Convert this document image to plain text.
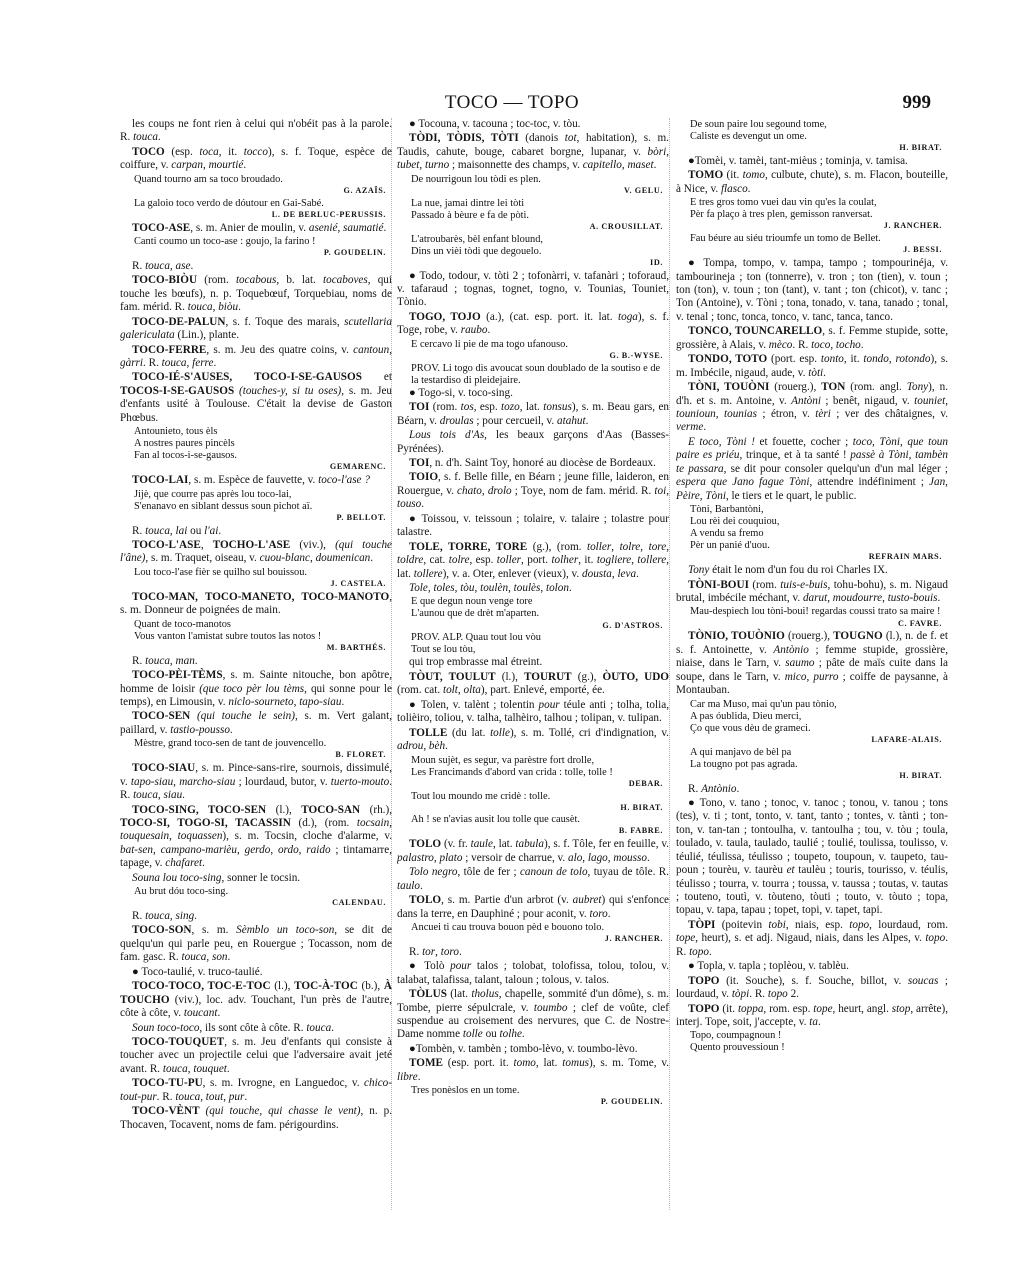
TOCO — TOPO	999
les coups ne font rien à celui qui n'obéit pas à la parole. R. touca.
TOCO (esp. toca, it. tocco), s. f. Toque, espèce de coiffure, v. carpan, mourtié.
Quand tourno am sa toco broudado.
G. AZAÏS.
La galoio toco verdo de dóutour en Gai-Sabé.
L. DE BERLUC-PERUSSIS.
TOCO-ASE, s. m. Anier de moulin, v. asenié, saumatié.
Canti coumo un toco-ase : goujo, la farino !
P. GOUDELIN.
R. touca, ase.
TOCO-BIÒU (rom. tocabous, b. lat. tocaboves, qui touche les bœufs), n. p. Toquebœuf, Torquebiau, noms de fam. mérid. R. touca, biòu.
TOCO-DE-PALUN, s. f. Toque des marais, scutellaria galericulata (Lin.), plante.
TOCO-FERRE, s. m. Jeu des quatre coins, v. cantoun, gàrri. R. touca, ferre.
TOCO-IÉ-S'AUSES, TOCO-I-SE-GAUSOS et TOCOS-I-SE-GAUSOS (touches-y, si tu oses), s. m. Jeu d'enfants usité à Toulouse. C'était la devise de Gaston Phœbus.
Antounieto, tous èls
A nostres paures pincèls
Fan al tocos-i-se-gausos.
GEMARENC.
TOCO-LAI, s. m. Espèce de fauvette, v. toco-l'ase ?
Jijè, que courre pas après lou toco-lai,
S'enanavo en siblant dessus soun pichot aï.
P. BELLOT.
R. touca, lai ou l'ai.
TOCO-L'ASE, TOCHO-L'ASE (viv.), (qui touche l'âne), s. m. Traquet, oiseau, v. cuou-blanc, doumenican.
Lou toco-l'ase fièr se quilho sul bouissou.
J. CASTELA.
TOCO-MAN, TOCO-MANETO, TOCO-MANOTO, s. m. Donneur de poignées de main.
Quant de toco-manotos
Vous vanton l'amistat subre toutos las notos !
M. BARTHÉS.
R. touca, man.
TOCO-PÈI-TÈMS, s. m. Sainte nitouche, bon apôtre, homme de loisir (que toco pèr lou tèms, qui sonne pour le temps), en Limousin, v. niclo-sourneto, tapo-siau.
TOCO-SEN (qui touche le sein), s. m. Vert galant, paillard, v. tastio-pousso.
Mèstre, grand toco-sen de tant de jouvencello.
B. FLORET.
TOCO-SIAU, s. m. Pince-sans-rire, sournois, dissimulé, v. tapo-siau, marcho-siau ; lourdaud, butor, v. tuerto-mouto. R. touca, siau.
TOCO-SING, TOCO-SEN (l.), TOCO-SAN (rh.), TOCO-SI, TOGO-SI, TACASSIN (d.), (rom. tocsain, touquesain, toquassen), s. m. Tocsin, cloche d'alarme, v. bat-sen, campano-marièu, gerdo, ordo, raido ; tintamarre, tapage, v. chafaret.
Souna lou toco-sing, sonner le tocsin.
Au brut dóu toco-sing.
CALENDAU.
R. touca, sing.
TOCO-SON, s. m. Sèmblo un toco-son, se dit de quelqu'un qui parle peu, en Rouergue ; Tocasson, nom de fam. gasc. R. touca, son.
● Toco-taulié, v. truco-taulié.
TOCO-TOCO, TOC-E-TOC (l.), TOC-À-TOC (b.), À TOUCHO (viv.), loc. adv. Touchant, l'un près de l'autre, côte à côte, v. toucant.
Soun toco-toco, ils sont côte à côte. R. touca.
TOCO-TOUQUET, s. m. Jeu d'enfants qui consiste à toucher avec un projectile celui que l'adversaire avait jeté avant. R. touca, touquet.
TOCO-TU-PU, s. m. Ivrogne, en Languedoc, v. chico-tout-pur. R. touca, tout, pur.
TOCO-VÈNT (qui touche, qui chasse le vent), n. p. Thocaven, Tocavent, noms de fam. périgourdins.
● Tocouna, v. tacouna ; toc-toc, v. tòu.
TÒDI, TÒDIS, TÒTI (danois tot, habitation), s. m. Taudis, cahute, bouge, cabaret borgne, lupanar, v. bòri, tubet, turno ; maisonnette des champs, v. capitello, maset.
De nourrigoun lou tòdi es plen.
V. GELU.
La nue, jamai dintre lei tòti
Passado à bèure e fa de pòti.
A. CROUSILLAT.
L'atroubarès, bèl enfant blound,
Dins un vièi tòdi que degouelo.
ID.
● Todo, todour, v. tòti 2 ; tofonàrri, v. tafanàri ; toforaud, v. tafaraud ; tognas, tognet, togno, v. Tounias, Touniet, Tònio.
TOGO, TOJO (a.), (cat. esp. port. it. lat. toga), s. f. Toge, robe, v. raubo.
E cercavo li pie de ma togo ufanouso.
G. B.-WYSE.
PROV. Li togo dis avoucat soun doublado de la soutiso e de la testardiso di pleidejaire.
● Togo-si, v. toco-sing.
TOI (rom. tos, esp. tozo, lat. tonsus), s. m. Beau gars, en Béarn, v. droulas ; pour cercueil, v. atahut.
Lous tois d'As, les beaux garçons d'Aas (Basses-Pyrénées).
TOI, n. d'h. Saint Toy, honoré au diocèse de Bordeaux.
TOIO, s. f. Belle fille, en Béarn ; jeune fille, laideron, en Rouergue, v. chato, drolo ; Toye, nom de fam. mérid. R. toi, touso.
● Toissou, v. teissoun ; tolaire, v. talaire ; tolastre pour talastre.
TOLE, TORRE, TORE (g.), (rom. toller, tolre, tore, toldre, cat. tolre, esp. toller, port. tolher, it. togliere, tollere, lat. tollere), v. a. Oter, enlever (vieux), v. dousta, leva.
Tole, toles, tòu, toulèn, toulès, tolon.
E que degun noun venge tore
L'aunou que de drèt m'aparten.
G. D'ASTROS.
PROV. ALP. Quau tout lou vòu
Tout se lou tòu,
qui trop embrasse mal étreint.
TÒUT, TOULUT (l.), TOURUT (g.), ÒUTO, UDO (rom. cat. tolt, olta), part. Enlevé, emporté, ée.
● Tolen, v. talènt ; tolentin pour téule anti ; tolha, tolia, tolièiro, toliou, v. talha, talhèiro, talhou ; tolipan, v. tulipan.
TOLLE (du lat. tolle), s. m. Tollé, cri d'indignation, v. adrou, bèh.
Moun sujèt, es segur, va parèstre fort drolle,
Les Francimands d'abord van crida : tolle, tolle !
DEBAR.
Tout lou moundo me cridè : tolle.
H. BIRAT.
Ah ! se n'avias ausit lou tolle que causèt.
B. FABRE.
TOLO (v. fr. taule, lat. tabula), s. f. Tôle, fer en feuille, v. palastro, plato ; versoir de charrue, v. alo, lago, mousso.
Tolo negro, tôle de fer ; canoun de tolo, tuyau de tôle. R. taulo.
TOLO, s. m. Partie d'un arbrot (v. aubret) qui s'enfonce dans la terre, en Dauphiné ; pour aconit, v. toro.
Ancuei ti cau trouva bouon pèd e bouono tolo.
J. RANCHER.
R. tor, toro.
● Tolò pour talos ; tolobat, tolofissa, tolou, tolou, v. talabat, talafissa, talant, taloun ; tolous, v. talos.
TÒLUS (lat. tholus, chapelle, sommité d'un dôme), s. m. Tombe, pierre sépulcrale, v. toumbo ; clef de voûte, clef suspendue au croisement des nervures, que C. de Nostre-Dame nomme tolle ou tolhe.
●Tombèn, v. tambèn ; tombo-lèvo, v. toumbo-lèvo.
TOME (esp. port. it. tomo, lat. tomus), s. m. Tome, v. libre.
Tres ponèslos en un tome.
P. GOUDELIN.
De soun paire lou segound tome,
Caliste es devengut un ome.
H. BIRAT.
●Tomèi, v. tamèi, tant-mièus ; tominja, v. tamisa.
TOMO (it. tomo, culbute, chute), s. m. Flacon, bouteille, à Nice, v. flasco.
E tres gros tomo vuei dau vin qu'es la coulat,
Pèr fa plaço à tres plen, gemisson ranversat.
J. RANCHER.
Fau béure au siéu trioumfe un tomo de Bellet.
J. BESSI.
● Tompa, tompo, v. tampa, tampo ; tompourinéja, v. tambourineja ; ton (tonnerre), v. tron ; ton (tien), v. toun ; ton (ton), v. toun ; ton (tant), v. tant ; ton (chicot), v. tanc ; Ton (Antoine), v. Tòni ; tona, tonado, v. tana, tanado ; tonal, v. tenal ; tonc, tonca, tonco, v. tanc, tanca, tanco.
TONCO, TOUNCARELLO, s. f. Femme stupide, sotte, grossière, à Alais, v. mèco. R. toco, tocho.
TONDO, TOTO (port. esp. tonto, it. tondo, rotondo), s. m. Imbécile, nigaud, aude, v. tòti.
TÒNI, TOUÒNI (rouerg.), TON (rom. angl. Tony), n. d'h. et s. m. Antoine, v. Antòni ; benêt, nigaud, v. touniet, tounioun, tounias ; étron, v. tèri ; ver des châtaignes, v. verme.
E toco, Tòni ! et fouette, cocher ; toco, Tòni, que toun paire es priéu, trinque, et à ta santé ! passè à Tòni, tambèn te passara, se dit pour consoler quelqu'un d'un mal léger ; espera que Jano fague Tòni, attendre indéfiniment ; Jan, Pèire, Tòni, le tiers et le quart, le public.
Tòni, Barbantòni,
Lou rèi dei couquiou,
A vendu sa fremo
Pèr un panié d'uou.
REFRAIN MARS.
Tony était le nom d'un fou du roi Charles IX.
TÒNI-BOUI (rom. tuis-e-buis, tohu-bohu), s. m. Nigaud brutal, imbécile méchant, v. darut, moudourre, tusto-bouis.
Mau-despiech lou tòni-boui! regardas coussi trato sa maire !
C. FAVRE.
TÒNIO, TOUÒNIO (rouerg.), TOUGNO (l.), n. de f. et s. f. Antoinette, v. Antònio ; femme stupide, grossière, niaise, dans le Tarn, v. saumo ; pâte de maïs cuite dans la soupe, dans le Tarn, v. mico, purro ; coiffe de paysanne, à Montauban.
Car ma Muso, mai qu'un pau tònio,
A pas óublida, Dieu merci,
Ço que vous dèu de grameci.
LAFARE-ALAIS.
A qui manjavo de bèl pa
La tougno pot pas agrada.
H. BIRAT.
R. Antònio.
● Tono, v. tano ; tonoc, v. tanoc ; tonou, v. tanou ; tons (tes), v. ti ; tont, tonto, v. tant, tanto ; tontes, v. tànti ; ton-ton, v. tan-tan ; tontoulha, v. tantoulha ; tou, v. tòu ; toula, toulado, v. taula, taulado, taulié ; toulié, toulissa, toulisso, v. téulié, téulissa, téulisso ; toupeto, toupoun, v. taupeto, tau-poun ; tourèu, v. taurèu et taulèu ; touris, tourisso, v. téulis, téulisso ; tourra, v. tourra ; toussa, v. taussa ; toutas, v. tautas ; touteno, toutì, v. tòuteno, tòuti ; touto, v. tòuto ; topa, topau, v. tapa, tapau ; topet, topi, v. tapet, tapi.
TÒPI (poitevin tobi, niais, esp. topo, lourdaud, rom. tope, heurt), s. et adj. Nigaud, niais, dans les Alpes, v. topo. R. topo.
● Topla, v. tapla ; toplèou, v. tablèu.
TOPO (it. Souche), s. f. Souche, billot, v. soucas ; lourdaud, v. tòpi. R. topo 2.
TOPO (it. toppa, rom. esp. tope, heurt, angl. stop, arrête), interj. Tope, soit, j'accepte, v. ta.
Topo, coumpagnoun !
Quento prouvessioun !
